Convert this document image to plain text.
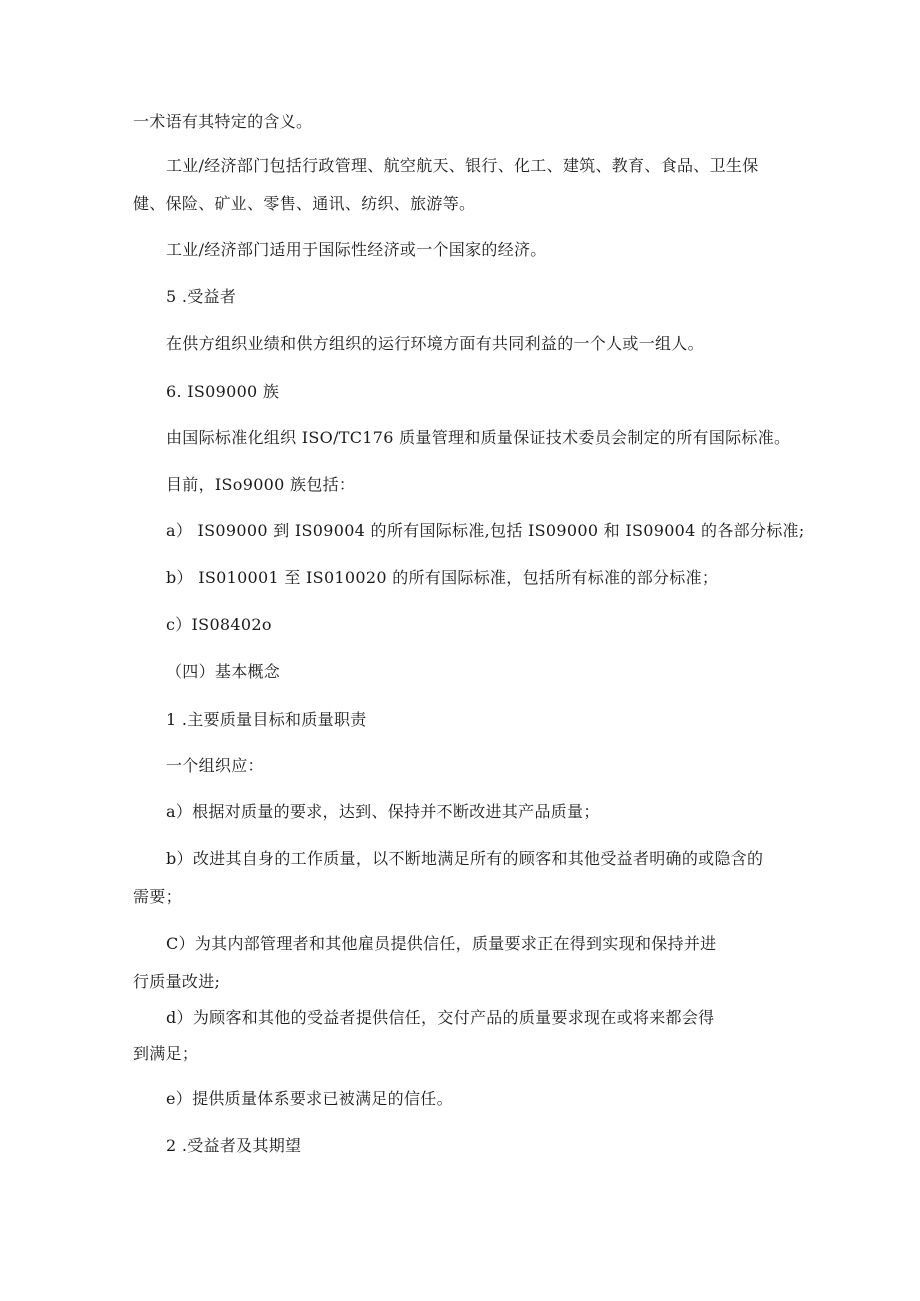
一术语有其特定的含义。
工业/经济部门包括行政管理、航空航天、银行、化工、建筑、教育、食品、卫生保
健、保险、矿业、零售、通讯、纺织、旅游等。
工业/经济部门适用于国际性经济或一个国家的经济。
5 .受益者
在供方组织业绩和供方组织的运行环境方面有共同利益的一个人或一组人。
6. IS09000 族
由国际标准化组织 ISO/TC176 质量管理和质量保证技术委员会制定的所有国际标准。
目前，ISo9000 族包括：
a） IS09000 到 IS09004 的所有国际标准,包括 IS09000 和 IS09004 的各部分标准;
b） IS010001 至 IS010020 的所有国际标准，包括所有标准的部分标准；
c）IS08402o
（四）基本概念
1 .主要质量目标和质量职责
一个组织应：
a）根据对质量的要求，达到、保持并不断改进其产品质量；
b）改进其自身的工作质量，以不断地满足所有的顾客和其他受益者明确的或隐含的
需要；
C）为其内部管理者和其他雇员提供信任，质量要求正在得到实现和保持并进
行质量改进;
d）为顾客和其他的受益者提供信任，交付产品的质量要求现在或将来都会得
到满足；
e）提供质量体系要求已被满足的信任。
2 .受益者及其期望
